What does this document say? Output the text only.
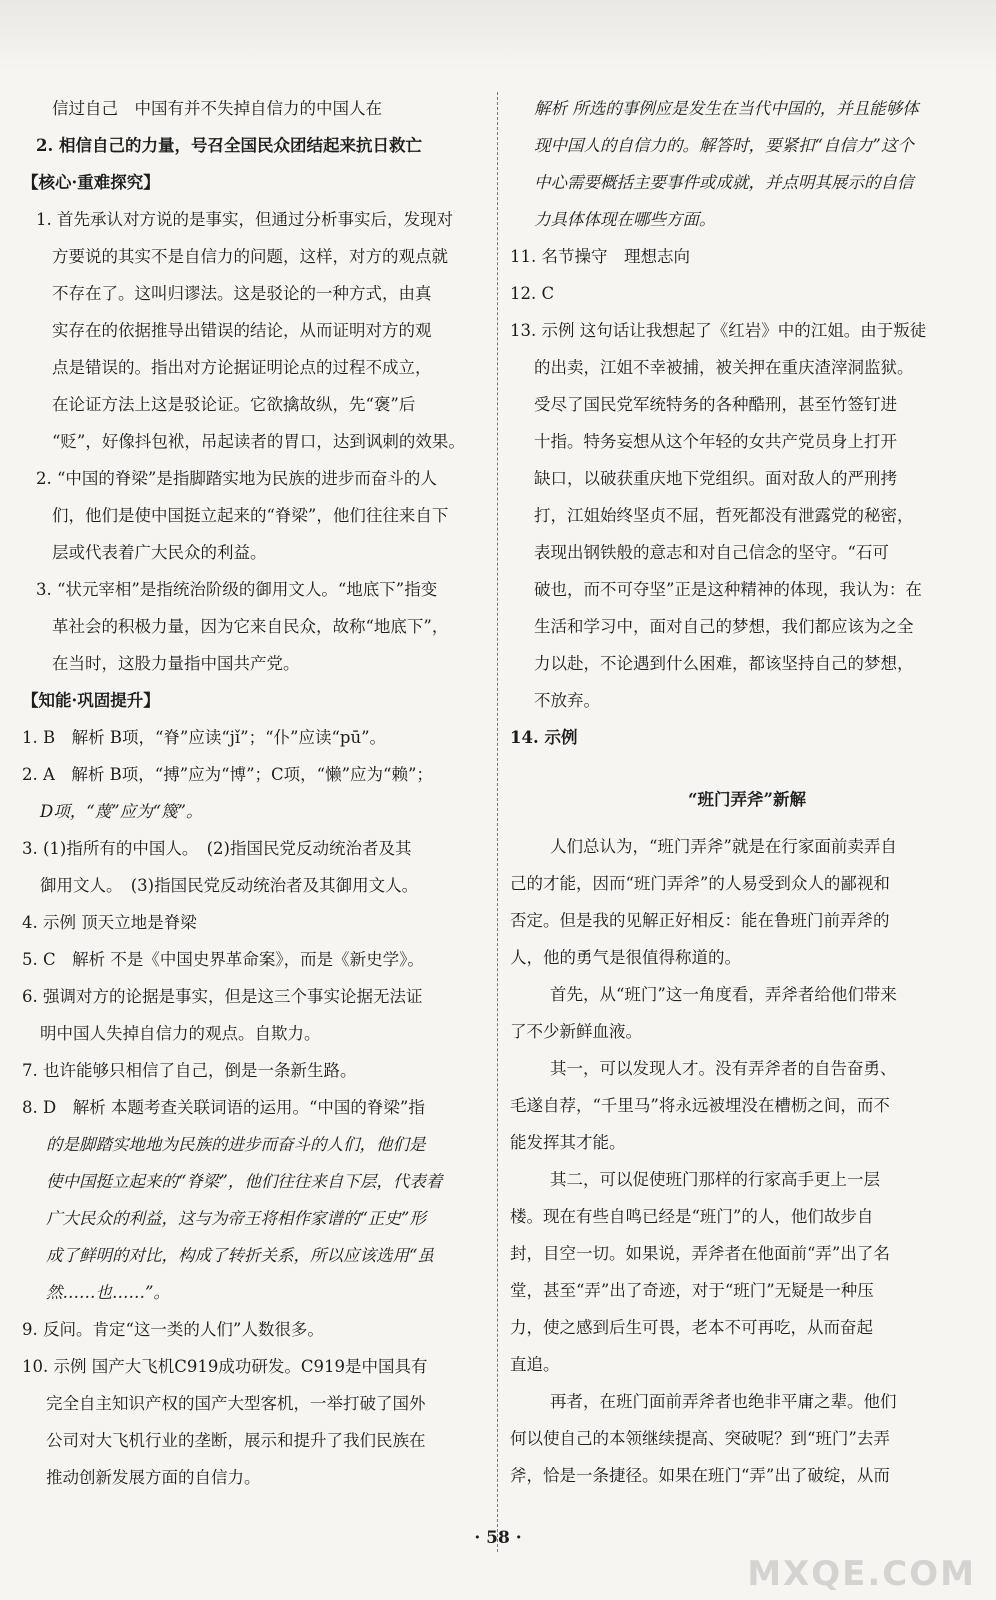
信过自己　中国有并不失掉自信力的中国人在
2. 相信自己的力量，号召全国民众团结起来抗日救亡
【核心·重难探究】
1. 首先承认对方说的是事实，但通过分析事实后，发现对
方要说的其实不是自信力的问题，这样，对方的观点就
不存在了。这叫归谬法。这是驳论的一种方式，由真
实存在的依据推导出错误的结论，从而证明对方的观
点是错误的。指出对方论据证明论点的过程不成立，
在论证方法上这是驳论证。它欲擒故纵，先“褒”后
“贬”，好像抖包袱，吊起读者的胃口，达到讽刺的效果。
2. “中国的脊梁”是指脚踏实地为民族的进步而奋斗的人
们，他们是使中国挺立起来的“脊梁”，他们往往来自下
层或代表着广大民众的利益。
3. “状元宰相”是指统治阶级的御用文人。“地底下”指变
革社会的积极力量，因为它来自民众，故称“地底下”，
在当时，这股力量指中国共产党。
【知能·巩固提升】
1. B　解析 B项，“脊”应读“jǐ”；“仆”应读“pū”。
2. A　解析 B项，“搏”应为“博”；C项，“懒”应为“赖”；
D项，“蔑”应为“篾”。
3. (1)指所有的中国人。　(2)指国民党反动统治者及其
御用文人。　(3)指国民党反动统治者及其御用文人。
4. 示例 顶天立地是脊梁
5. C　解析 不是《中国史界革命案》，而是《新史学》。
6. 强调对方的论据是事实，但是这三个事实论据无法证
明中国人失掉自信力的观点。自欺力。
7. 也许能够只相信了自己，倒是一条新生路。
8. D　解析 本题考查关联词语的运用。“中国的脊梁”指
的是脚踏实地地为民族的进步而奋斗的人们，他们是
使中国挺立起来的“脊梁”，他们往往来自下层，代表着
广大民众的利益，这与为帝王将相作家谱的“正史”形
成了鲜明的对比，构成了转折关系，所以应该选用“虽
然……也……”。
9. 反问。肯定“这一类的人们”人数很多。
10. 示例 国产大飞机C919成功研发。C919是中国具有
完全自主知识产权的国产大型客机，一举打破了国外
公司对大飞机行业的垄断，展示和提升了我们民族在
推动创新发展方面的自信力。
解析 所选的事例应是发生在当代中国的，并且能够体
现中国人的自信力的。解答时，要紧扣“自信力”这个
中心需要概括主要事件或成就，并点明其展示的自信
力具体体现在哪些方面。
11. 名节操守　理想志向
12. C
13. 示例 这句话让我想起了《红岩》中的江姐。由于叛徒
的出卖，江姐不幸被捕，被关押在重庆渣滓洞监狱。
受尽了国民党军统特务的各种酷刑，甚至竹签钉进
十指。特务妄想从这个年轻的女共产党员身上打开
缺口，以破获重庆地下党组织。面对敌人的严刑拷
打，江姐始终坚贞不屈，哲死都没有泄露党的秘密，
表现出钢铁般的意志和对自己信念的坚守。“石可
破也，而不可夺坚”正是这种精神的体现，我认为：在
生活和学习中，面对自己的梦想，我们都应该为之全
力以赴，不论遇到什么困难，都该坚持自己的梦想，
不放弃。
14. 示例
“班门弄斧”新解
人们总认为，“班门弄斧”就是在行家面前卖弄自
己的才能，因而“班门弄斧”的人易受到众人的鄙视和
否定。但是我的见解正好相反：能在鲁班门前弄斧的
人，他的勇气是很值得称道的。
首先，从“班门”这一角度看，弄斧者给他们带来
了不少新鲜血液。
其一，可以发现人才。没有弄斧者的自告奋勇、
毛遂自荐，“千里马”将永远被埋没在槽枥之间，而不
能发挥其才能。
其二，可以促使班门那样的行家高手更上一层
楼。现在有些自鸣已经是“班门”的人，他们故步自
封，目空一切。如果说，弄斧者在他面前“弄”出了名
堂，甚至“弄”出了奇迹，对于“班门”无疑是一种压
力，使之感到后生可畏，老本不可再吃，从而奋起
直追。
再者，在班门面前弄斧者也绝非平庸之辈。他们
何以使自己的本领继续提高、突破呢？到“班门”去弄
斧，恰是一条捷径。如果在班门“弄”出了破绽，从而
· 58 ·
MXQE.COM
